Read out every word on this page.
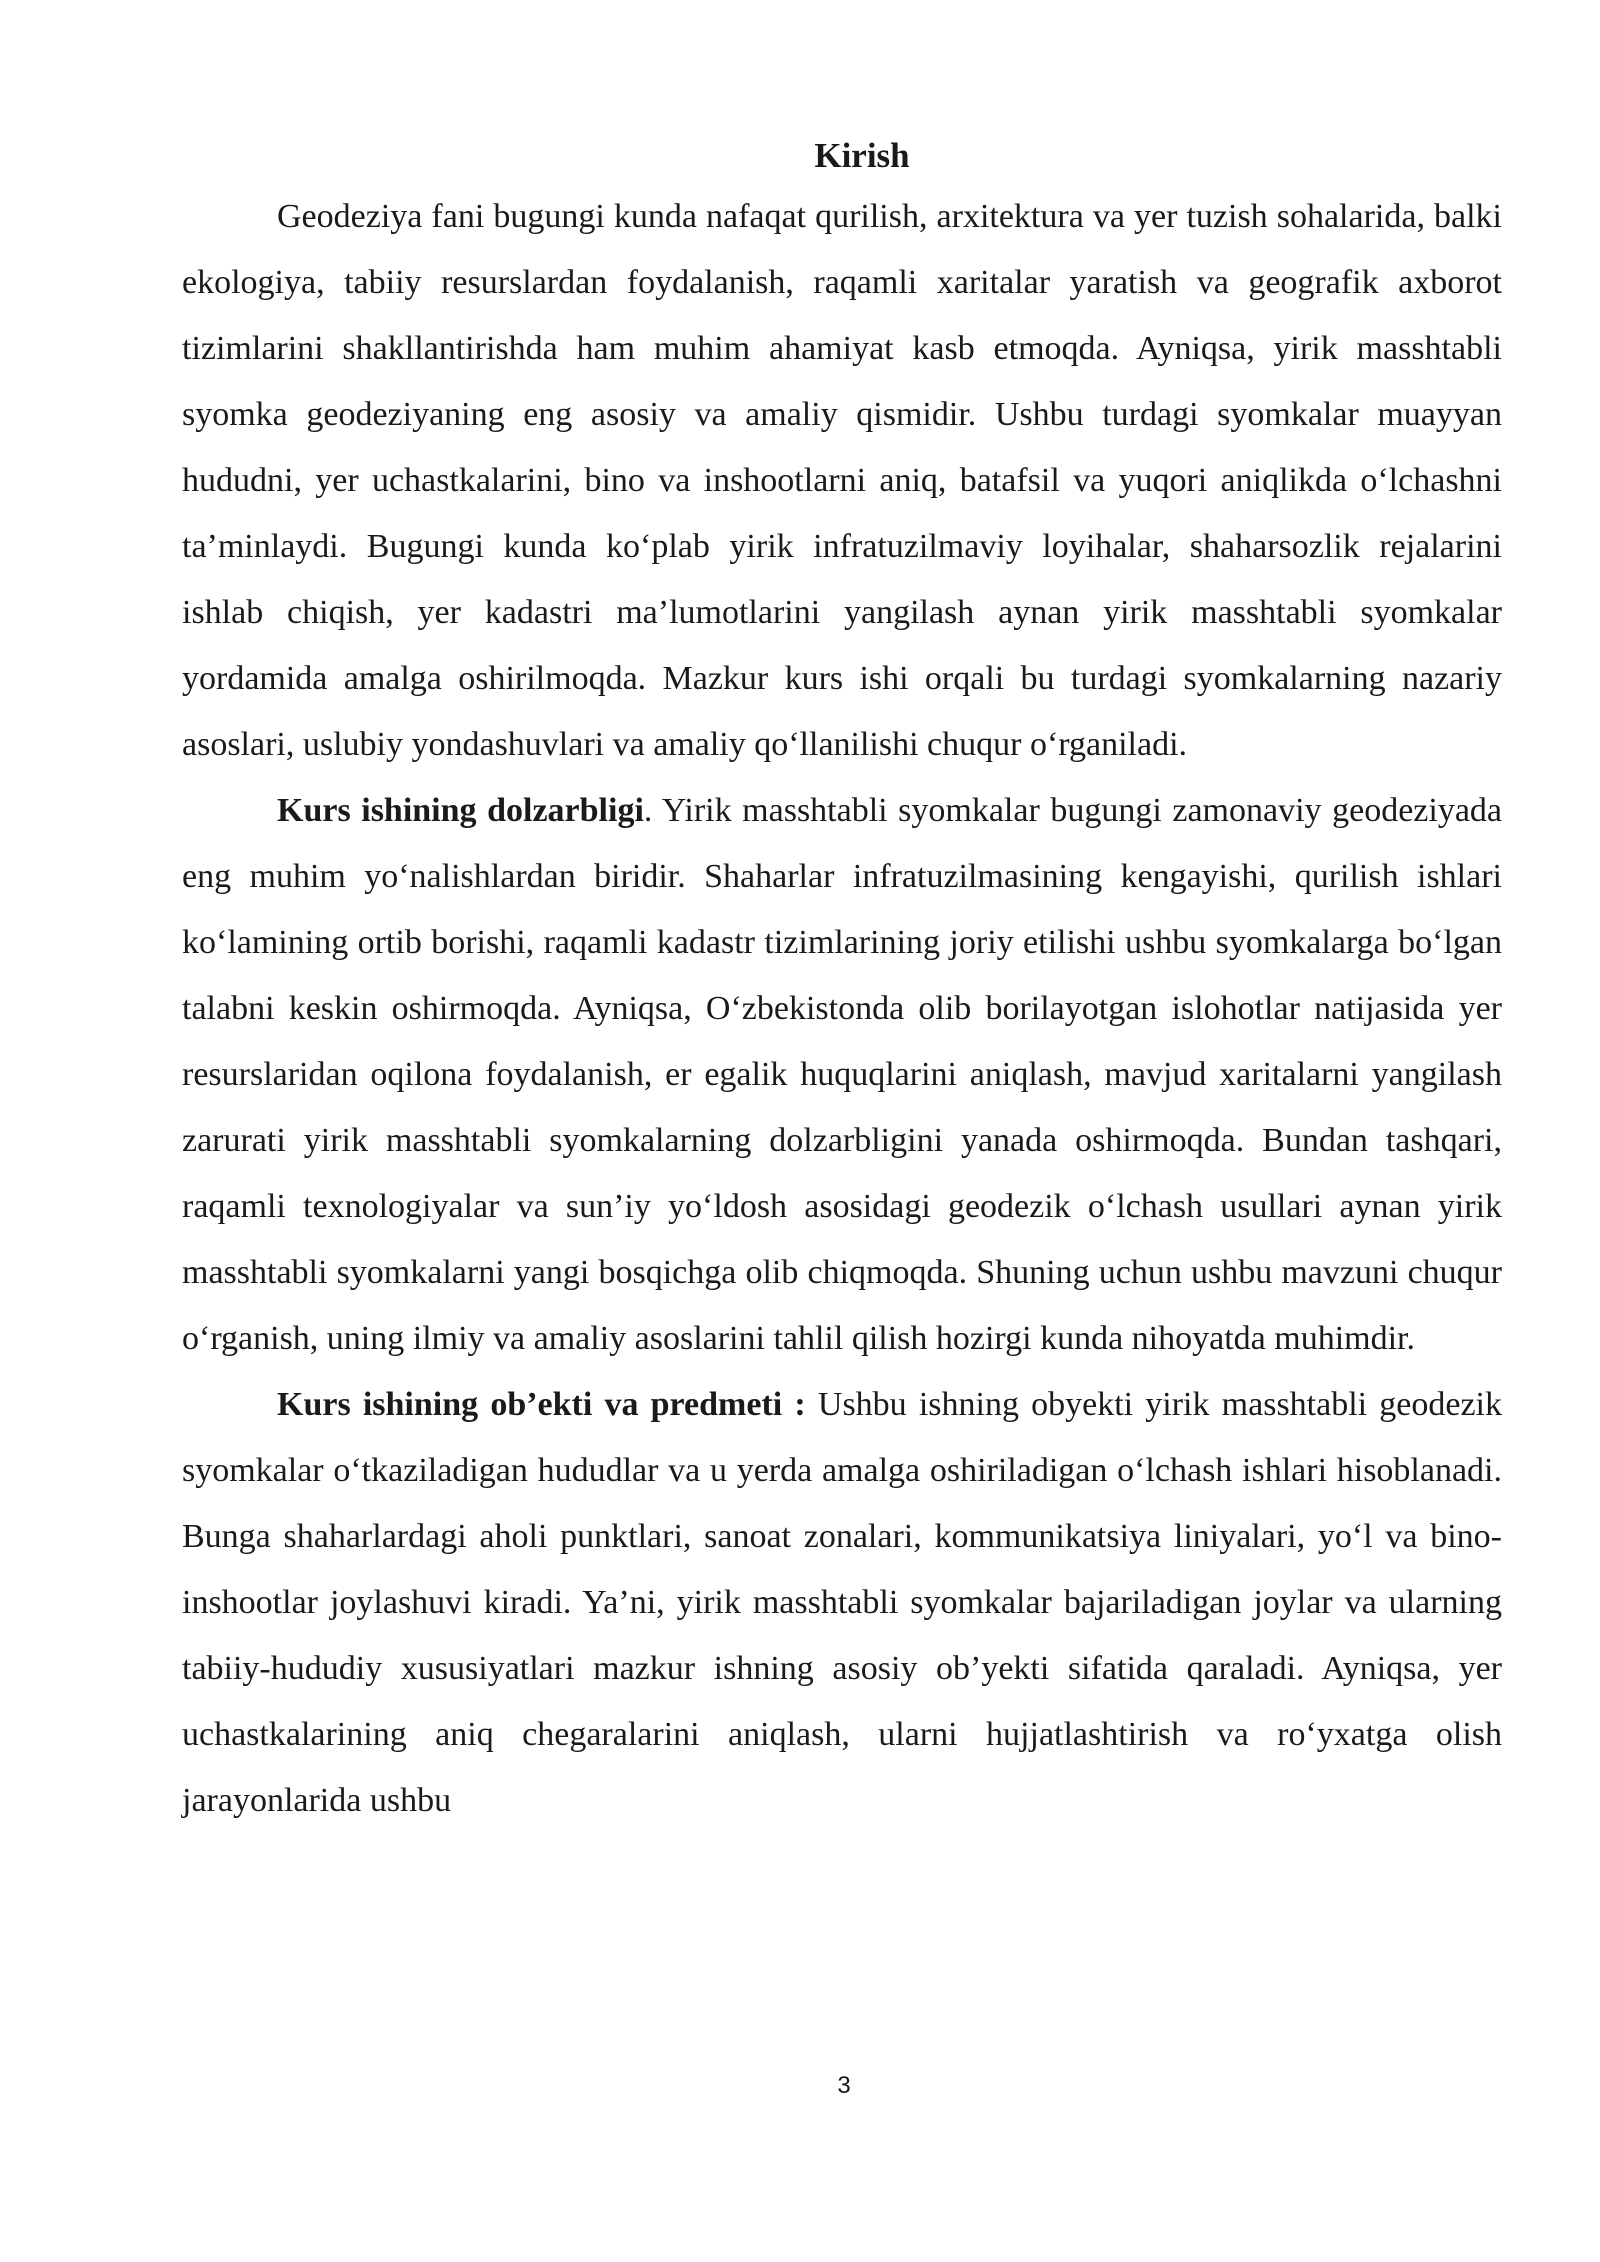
Kirish

Geodeziya fani bugungi kunda nafaqat qurilish, arxitektura va yer tuzish sohalarida, balki ekologiya, tabiiy resurslardan foydalanish, raqamli xaritalar yaratish va geografik axborot tizimlarini shakllantirishda ham muhim ahamiyat kasb etmoqda. Ayniqsa, yirik masshtabli syomka geodeziyaning eng asosiy va amaliy qismidir. Ushbu turdagi syomkalar muayyan hududni, yer uchastkalarini, bino va inshootlarni aniq, batafsil va yuqori aniqlikda o‘lchashni ta’minlaydi. Bugungi kunda ko‘plab yirik infratuzilmaviy loyihalar, shaharsozlik rejalarini ishlab chiqish, yer kadastri ma’lumotlarini yangilash aynan yirik masshtabli syomkalar yordamida amalga oshirilmoqda. Mazkur kurs ishi orqali bu turdagi syomkalarning nazariy asoslari, uslubiy yondashuvlari va amaliy qo‘llanilishi chuqur o‘rganiladi.

Kurs ishining dolzarbligi. Yirik masshtabli syomkalar bugungi zamonaviy geodeziyada eng muhim yo‘nalishlardan biridir. Shaharlar infratuzilmasining kengayishi, qurilish ishlari ko‘lamining ortib borishi, raqamli kadastr tizimlarining joriy etilishi ushbu syomkalarga bo‘lgan talabni keskin oshirmoqda. Ayniqsa, O‘zbekistonda olib borilayotgan islohotlar natijasida yer resurslaridan oqilona foydalanish, er egalik huquqlarini aniqlash, mavjud xaritalarni yangilash zarurati yirik masshtabli syomkalarning dolzarbligini yanada oshirmoqda. Bundan tashqari, raqamli texnologiyalar va sun’iy yo‘ldosh asosidagi geodezik o‘lchash usullari aynan yirik masshtabli syomkalarni yangi bosqichga olib chiqmoqda. Shuning uchun ushbu mavzuni chuqur o‘rganish, uning ilmiy va amaliy asoslarini tahlil qilish hozirgi kunda nihoyatda muhimdir.

Kurs ishining ob’ekti va predmeti : Ushbu ishning obyekti yirik masshtabli geodezik syomkalar o‘tkaziladigan hududlar va u yerda amalga oshiriladigan o‘lchash ishlari hisoblanadi. Bunga shaharlardagi aholi punktlari, sanoat zonalari, kommunikatsiya liniyalari, yo‘l va bino-inshootlar joylashuvi kiradi. Ya’ni, yirik masshtabli syomkalar bajariladigan joylar va ularning tabiiy-hududiy xususiyatlari mazkur ishning asosiy ob’yekti sifatida qaraladi. Ayniqsa, yer uchastkalarining aniq chegaralarini aniqlash, ularni hujjatlashtirish va ro‘yxatga olish jarayonlarida ushbu

3
